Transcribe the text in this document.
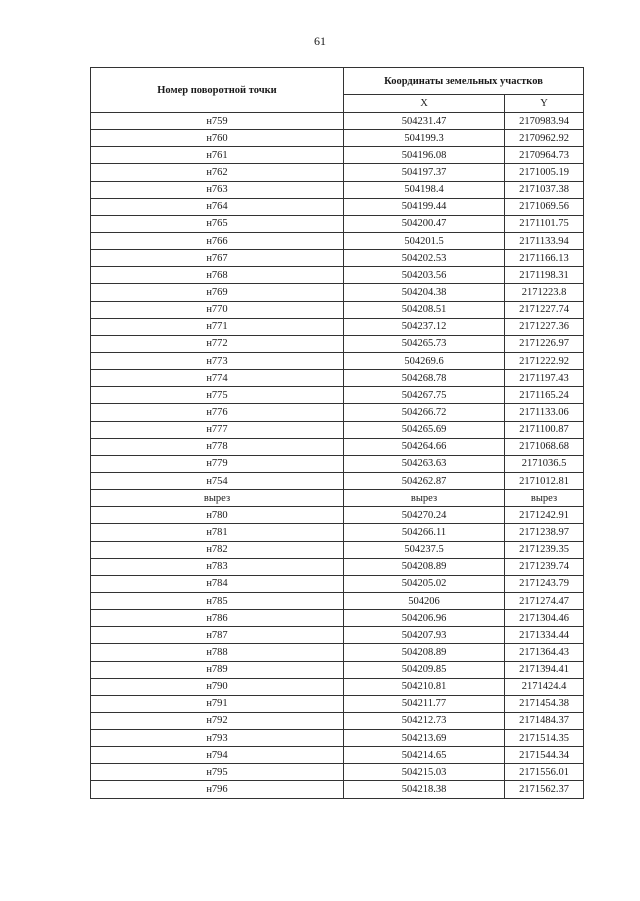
61
Номер поворотной точки	Координаты земельных участков	
	X	Y
н759	504231.47	2170983.94
н760	504199.3	2170962.92
н761	504196.08	2170964.73
н762	504197.37	2171005.19
н763	504198.4	2171037.38
н764	504199.44	2171069.56
н765	504200.47	2171101.75
н766	504201.5	2171133.94
н767	504202.53	2171166.13
н768	504203.56	2171198.31
н769	504204.38	2171223.8
н770	504208.51	2171227.74
н771	504237.12	2171227.36
н772	504265.73	2171226.97
н773	504269.6	2171222.92
н774	504268.78	2171197.43
н775	504267.75	2171165.24
н776	504266.72	2171133.06
н777	504265.69	2171100.87
н778	504264.66	2171068.68
н779	504263.63	2171036.5
н754	504262.87	2171012.81
вырез	вырез	вырез
н780	504270.24	2171242.91
н781	504266.11	2171238.97
н782	504237.5	2171239.35
н783	504208.89	2171239.74
н784	504205.02	2171243.79
н785	504206	2171274.47
н786	504206.96	2171304.46
н787	504207.93	2171334.44
н788	504208.89	2171364.43
н789	504209.85	2171394.41
н790	504210.81	2171424.4
н791	504211.77	2171454.38
н792	504212.73	2171484.37
н793	504213.69	2171514.35
н794	504214.65	2171544.34
н795	504215.03	2171556.01
н796	504218.38	2171562.37
